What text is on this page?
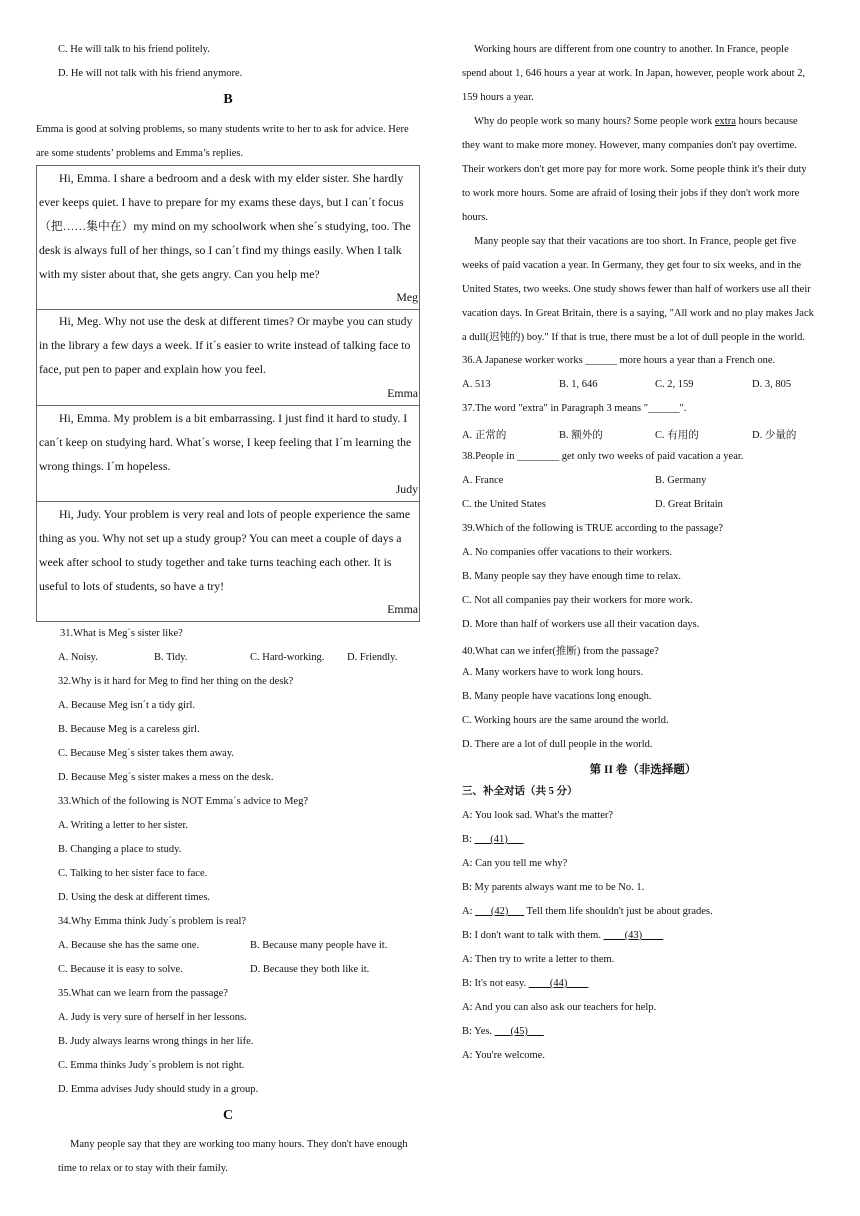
C. He will talk to his friend politely.
D. He will not talk with his friend anymore.
B
Emma is good at solving problems, so many students write to her to ask for advice. Here
are some students’ problems and Emma’s replies.
Hi, Emma. I share a bedroom and a desk with my elder sister. She hardly ever keeps quiet. I have to prepare for my exams these days, but I can´t focus（把……集中在）my mind on my schoolwork when she´s studying, too. The desk is always full of her things, so I can´t find my things easily. When I talk with my sister about that, she gets angry. Can you help me?
Meg
Hi, Meg. Why not use the desk at different times? Or maybe you can study in the library a few days a week. If it´s easier to write instead of talking face to face, put pen to paper and explain how you feel.
Emma
Hi, Emma. My problem is a bit embarrassing. I just find it hard to study. I can´t keep on studying hard. What´s worse, I keep feeling that I´m learning the wrong things. I´m hopeless.
Judy
Hi, Judy. Your problem is very real and lots of people experience the same thing as you. Why not set up a study group? You can meet a couple of days a week after school to study together and take turns teaching each other. It is useful to lots of students, so have a try!
Emma
31.What is Meg´s sister like?
A. Noisy.	B. Tidy.	C. Hard-working. D. Friendly.
32.Why is it hard for Meg to find her thing on the desk?
A. Because Meg isn´t a tidy girl.
B. Because Meg is a careless girl.
C. Because Meg´s sister takes them away.
D. Because Meg´s sister makes a mess on the desk.
33.Which of the following is NOT Emma´s advice to Meg?
A. Writing a letter to her sister.
B. Changing a place to study.
C. Talking to her sister face to face.
D. Using the desk at different times.
34.Why Emma think Judy´s problem is real?
A. Because she has the same one.	B. Because many people have it.
C. Because it is easy to solve.	D. Because they both like it.
35.What can we learn from the passage?
A. Judy is very sure of herself in her lessons.
B. Judy always learns wrong things in her life.
C. Emma thinks Judy´s problem is not right.
D. Emma advises Judy should study in a group.
C
Many people say that they are working too many hours. They don't have enough
time to relax or to stay with their family.
Working hours are different from one country to another. In France, people
spend about 1, 646 hours a year at work. In Japan, however, people work about 2,
159 hours a year.
Why do people work so many hours? Some people work extra hours because
they want to make more money. However, many companies don't pay overtime.
Their workers don't get more pay for more work. Some people think it's their duty
to work more hours. Some are afraid of losing their jobs if they don't work more
hours.
Many people say that their vacations are too short. In France, people get five
weeks of paid vacation a year. In Germany, they get four to six weeks, and in the
United States, two weeks. One study shows fewer than half of workers use all their
vacation days. In Great Britain, there is a saying, "All work and no play makes Jack
a dull(迟钝的) boy." If that is true, there must be a lot of dull people in the world.
36.A Japanese worker works ______ more hours a year than a French one.
A. 513	B. 1, 646	C. 2, 159	D. 3, 805
37.The word "extra" in Paragraph 3 means "______".
A. 正常的	B. 额外的	C. 有用的	D. 少量的
38.People in ________ get only two weeks of paid vacation a year.
A. France	B. Germany
C. the United States	D. Great Britain
39.Which of the following is TRUE according to the passage?
A. No companies offer vacations to their workers.
B. Many people say they have enough time to relax.
C. Not all companies pay their workers for more work.
D. More than half of workers use all their vacation days.
40.What can we infer(推断) from the passage?
A. Many workers have to work long hours.
B. Many people have vacations long enough.
C. Working hours are the same around the world.
D. There are a lot of dull people in the world.
第 II 卷（非选择题）
三、补全对话（共 5 分）
A: You look sad. What's the matter?
B: ___(41)___
A: Can you tell me why?
B: My parents always want me to be No. 1.
A: ___(42)___ Tell them life shouldn't just be about grades.
B: I don't want to talk with them. ____(43)____
A: Then try to write a letter to them.
B: It's not easy. ____(44)____
A: And you can also ask our teachers for help.
B: Yes. ___(45)___
A: You're welcome.
